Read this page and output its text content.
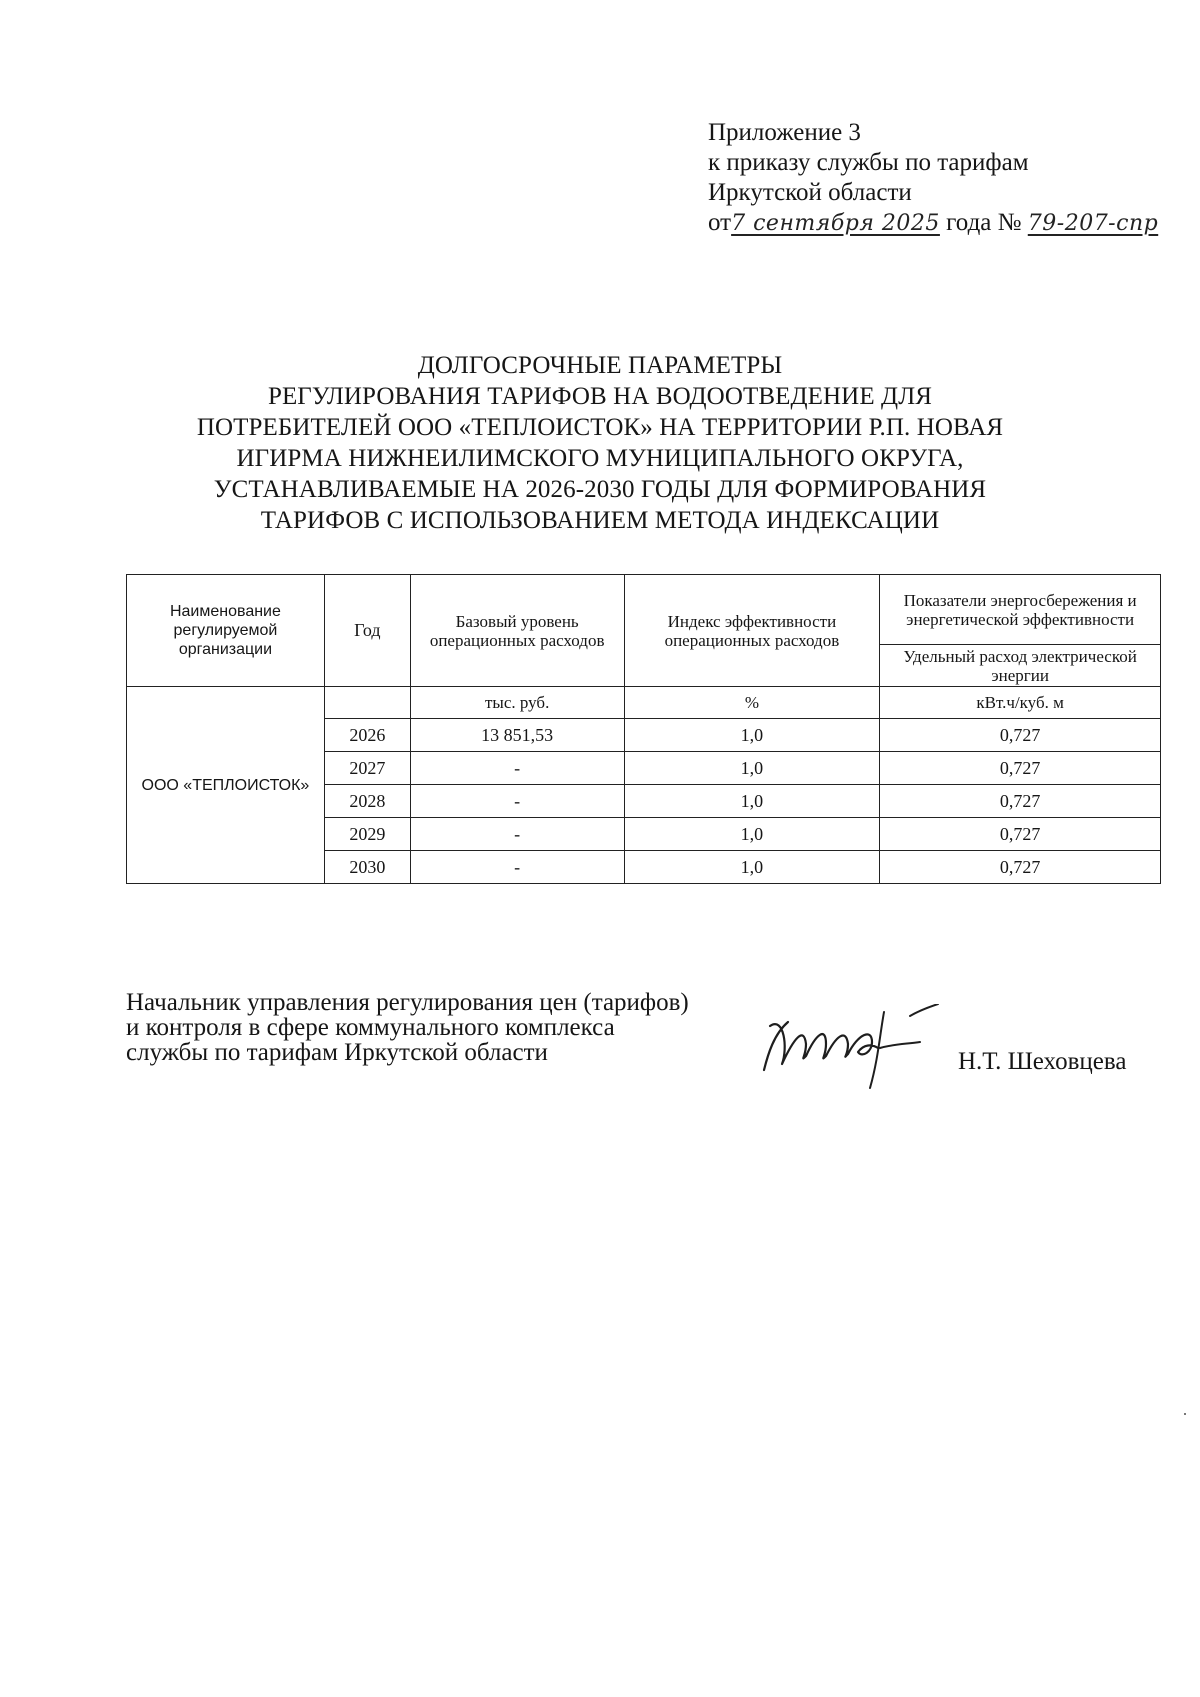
Приложение 3
к приказу службы по тарифам
Иркутской области
от7 сентября 2025 года № 79-207-спр
ДОЛГОСРОЧНЫЕ ПАРАМЕТРЫ
РЕГУЛИРОВАНИЯ ТАРИФОВ НА ВОДООТВЕДЕНИЕ ДЛЯ
ПОТРЕБИТЕЛЕЙ ООО «ТЕПЛОИСТОК» НА ТЕРРИТОРИИ Р.П. НОВАЯ
ИГИРМА НИЖНЕИЛИМСКОГО МУНИЦИПАЛЬНОГО ОКРУГА,
УСТАНАВЛИВАЕМЫЕ НА 2026-2030 ГОДЫ ДЛЯ ФОРМИРОВАНИЯ
ТАРИФОВ С ИСПОЛЬЗОВАНИЕМ МЕТОДА ИНДЕКСАЦИИ
Наименование регулируемой организации	Год	Базовый уровень операционных расходов	Индекс эффективности операционных расходов	Показатели энергосбережения и энергетической эффективности
				Удельный расход электрической энергии
ООО «ТЕПЛОИСТОК»		тыс. руб.	%	кВт.ч/куб. м
	2026	13 851,53	1,0	0,727
	2027	-	1,0	0,727
	2028	-	1,0	0,727
	2029	-	1,0	0,727
	2030	-	1,0	0,727
Начальник управления регулирования цен (тарифов)
и контроля в сфере коммунального комплекса
службы по тарифам Иркутской области	Н.Т. Шеховцева
